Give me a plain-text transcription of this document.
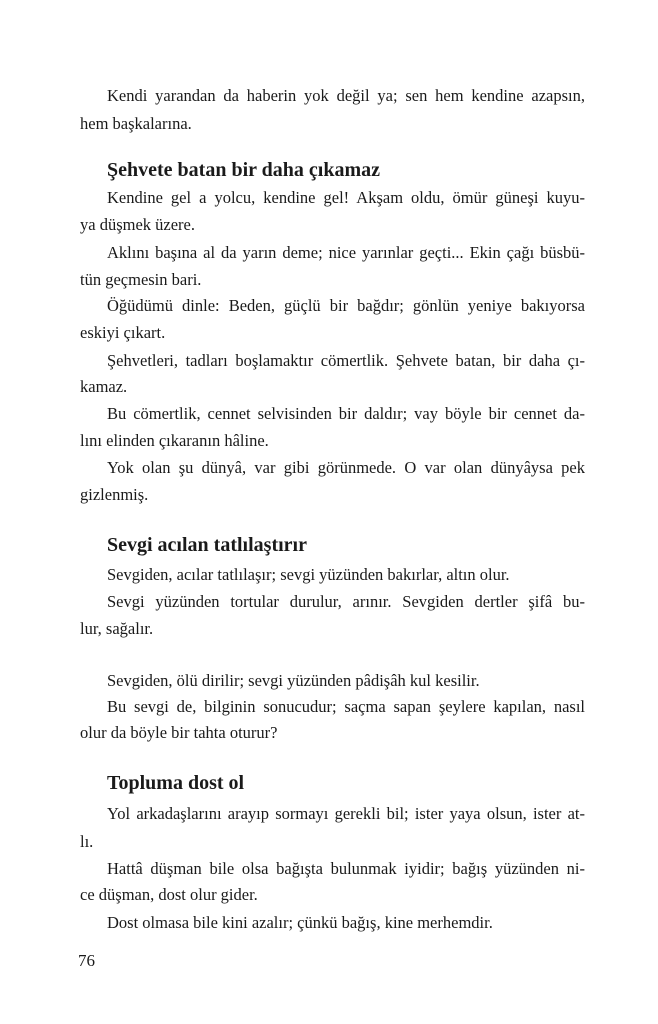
Kendi yarandan da haberin yok değil ya; sen hem kendine azapsın,
hem başkalarına.
Şehvete batan bir daha çıkamaz
Kendine gel a yolcu, kendine gel! Akşam oldu, ömür güneşi kuyu-
ya düşmek üzere.
Aklını başına al da yarın deme; nice yarınlar geçti... Ekin çağı büsbü-
tün geçmesin bari.
Öğüdümü dinle: Beden, güçlü bir bağdır; gönlün yeniye bakıyorsa
eskiyi çıkart.
Şehvetleri, tadları boşlamaktır cömertlik. Şehvete batan, bir daha çı-
kamaz.
Bu cömertlik, cennet selvisinden bir daldır; vay böyle bir cennet da-
lını elinden çıkaranın hâline.
Yok olan şu dünyâ, var gibi görünmede. O var olan dünyâysa pek
gizlenmiş.
Sevgi acılan tatlılaştırır
Sevgiden, acılar tatlılaşır; sevgi yüzünden bakırlar, altın olur.
Sevgi yüzünden tortular durulur, arınır. Sevgiden dertler şifâ bu-
lur, sağalır.
Sevgiden, ölü dirilir; sevgi yüzünden pâdişâh kul kesilir.
Bu sevgi de, bilginin sonucudur; saçma sapan şeylere kapılan, nasıl
olur da böyle bir tahta oturur?
Topluma dost ol
Yol arkadaşlarını arayıp sormayı gerekli bil; ister yaya olsun, ister at-
lı.
Hattâ düşman bile olsa bağışta bulunmak iyidir; bağış yüzünden ni-
ce düşman, dost olur gider.
Dost olmasa bile kini azalır; çünkü bağış, kine merhemdir.
76
